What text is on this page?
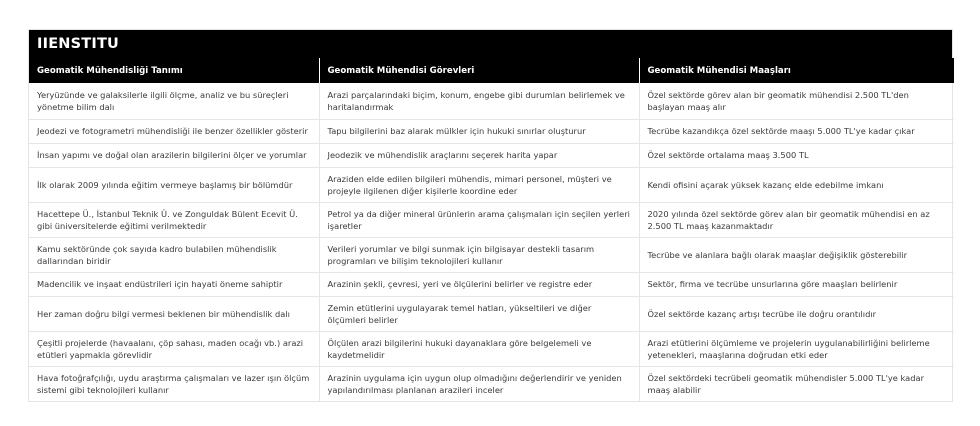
IIENSTITU
Geomatik Mühendisliği Tanımı	Geomatik Mühendisi Görevleri	Geomatik Mühendisi Maaşları
Yeryüzünde ve galaksilerle ilgili ölçme, analiz ve bu süreçleri yönetme bilim dalı	Arazi parçalarındaki biçim, konum, engebe gibi durumları belirlemek ve haritalandırmak	Özel sektörde görev alan bir geomatik mühendisi 2.500 TL'den başlayan maaş alır
Jeodezi ve fotogrametri mühendisliği ile benzer özellikler gösterir	Tapu bilgilerini baz alarak mülkler için hukuki sınırlar oluşturur	Tecrübe kazandıkça özel sektörde maaşı 5.000 TL'ye kadar çıkar
İnsan yapımı ve doğal olan arazilerin bilgilerini ölçer ve yorumlar	Jeodezik ve mühendislik araçlarını seçerek harita yapar	Özel sektörde ortalama maaş 3.500 TL
İlk olarak 2009 yılında eğitim vermeye başlamış bir bölümdür	Araziden elde edilen bilgileri mühendis, mimari personel, müşteri ve projeyle ilgilenen diğer kişilerle koordine eder	Kendi ofisini açarak yüksek kazanç elde edebilme imkanı
Hacettepe Ü., İstanbul Teknik Ü. ve Zonguldak Bülent Ecevit Ü. gibi üniversitelerde eğitimi verilmektedir	Petrol ya da diğer mineral ürünlerin arama çalışmaları için seçilen yerleri işaretler	2020 yılında özel sektörde görev alan bir geomatik mühendisi en az 2.500 TL maaş kazanmaktadır
Kamu sektöründe çok sayıda kadro bulabilen mühendislik dallarından biridir	Verileri yorumlar ve bilgi sunmak için bilgisayar destekli tasarım programları ve bilişim teknolojileri kullanır	Tecrübe ve alanlara bağlı olarak maaşlar değişiklik gösterebilir
Madencilik ve inşaat endüstrileri için hayati öneme sahiptir	Arazinin şekli, çevresi, yeri ve ölçülerini belirler ve registre eder	Sektör, firma ve tecrübe unsurlarına göre maaşları belirlenir
Her zaman doğru bilgi vermesi beklenen bir mühendislik dalı	Zemin etütlerini uygulayarak temel hatları, yükseltileri ve diğer ölçümleri belirler	Özel sektörde kazanç artışı tecrübe ile doğru orantılıdır
Çeşitli projelerde (havaalanı, çöp sahası, maden ocağı vb.) arazi etütleri yapmakla görevlidir	Ölçülen arazi bilgilerini hukuki dayanaklara göre belgelemeli ve kaydetmelidir	Arazi etütlerini ölçümleme ve projelerin uygulanabilirliğini belirleme yetenekleri, maaşlarına doğrudan etki eder
Hava fotoğrafçılığı, uydu araştırma çalışmaları ve lazer ışın ölçüm sistemi gibi teknolojileri kullanır	Arazinin uygulama için uygun olup olmadığını değerlendirir ve yeniden yapılandırılması planlanan arazileri inceler	Özel sektördeki tecrübeli geomatik mühendisler 5.000 TL'ye kadar maaş alabilir
